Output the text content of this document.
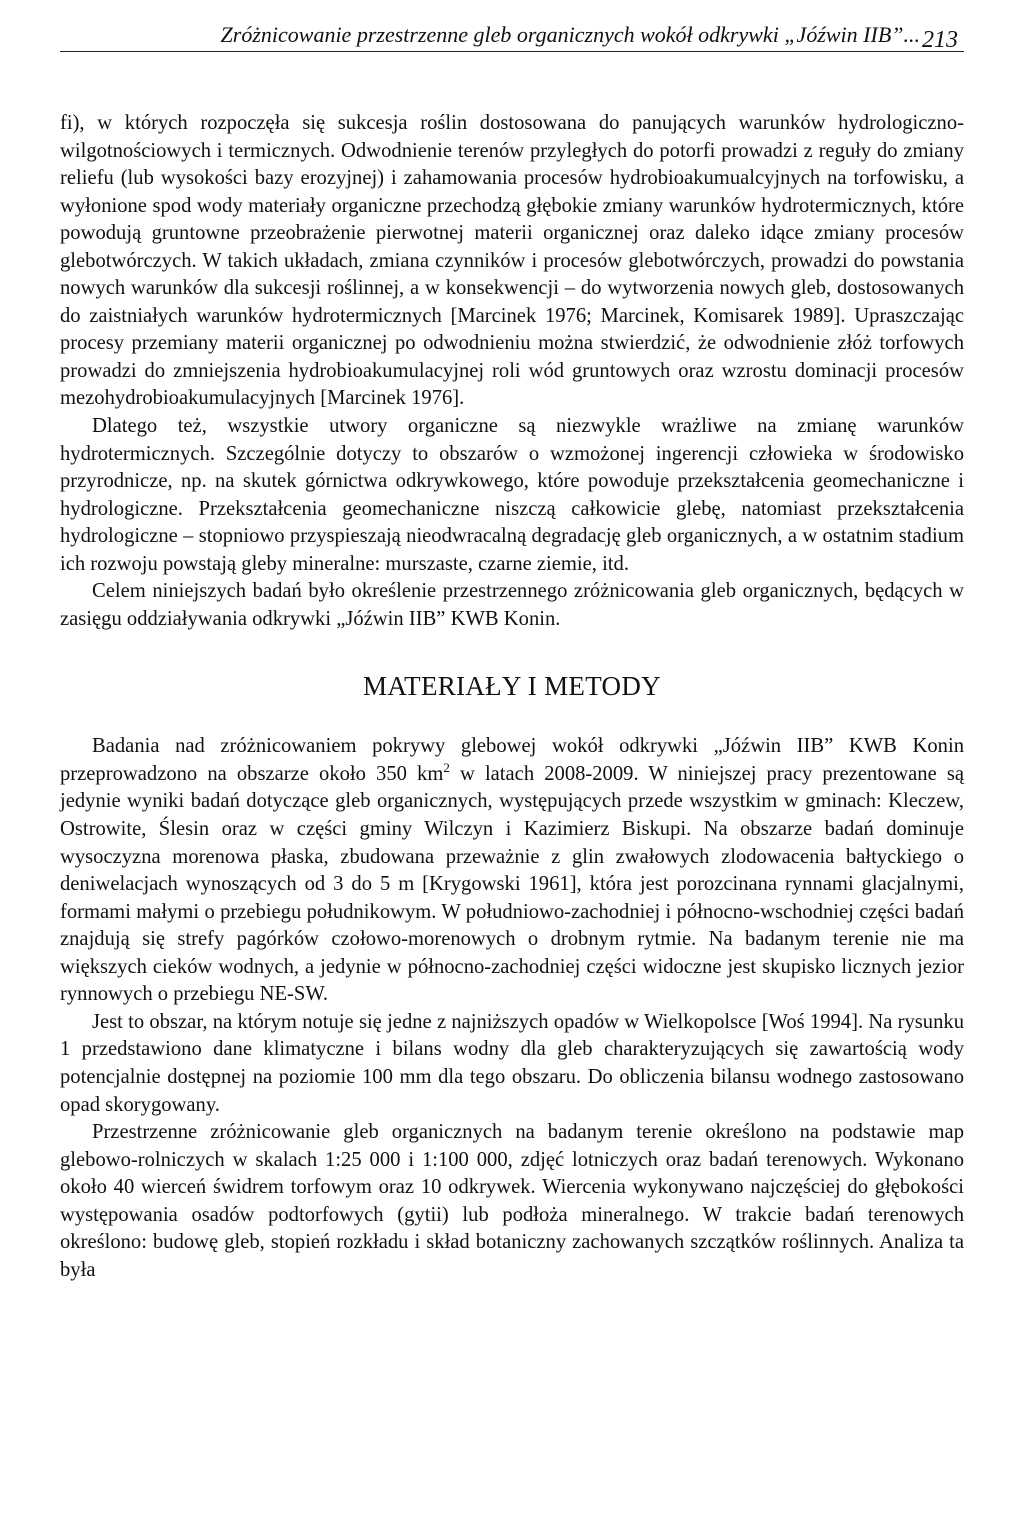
Zróżnicowanie przestrzenne gleb organicznych wokół odkrywki „Jóźwin IIB”...213

fi), w których rozpoczęła się sukcesja roślin dostosowana do panujących warunków hydrologiczno-wilgotnościowych i termicznych. Odwodnienie terenów przyległych do potorfi prowadzi z reguły do zmiany reliefu (lub wysokości bazy erozyjnej) i zahamowania procesów hydrobioakumualcyjnych na torfowisku, a wyłonione spod wody materiały organiczne przechodzą głębokie zmiany warunków hydrotermicznych, które powodują gruntowne przeobrażenie pierwotnej materii organicznej oraz daleko idące zmiany procesów glebotwórczych. W takich układach, zmiana czynników i procesów glebotwórczych, prowadzi do powstania nowych warunków dla sukcesji roślinnej, a w konsekwencji – do wytworzenia nowych gleb, dostosowanych do zaistniałych warunków hydrotermicznych [Marcinek 1976; Marcinek, Komisarek 1989]. Upraszczając procesy przemiany materii organicznej po odwodnieniu można stwierdzić, że odwodnienie złóż torfowych prowadzi do zmniejszenia hydrobioakumulacyjnej roli wód gruntowych oraz wzrostu dominacji procesów mezohydrobioakumulacyjnych [Marcinek 1976].

Dlatego też, wszystkie utwory organiczne są niezwykle wrażliwe na zmianę warunków hydrotermicznych. Szczególnie dotyczy to obszarów o wzmożonej ingerencji człowieka w środowisko przyrodnicze, np. na skutek górnictwa odkrywkowego, które powoduje przekształcenia geomechaniczne i hydrologiczne. Przekształcenia geomechaniczne niszczą całkowicie glebę, natomiast przekształcenia hydrologiczne – stopniowo przyspieszają nieodwracalną degradację gleb organicznych, a w ostatnim stadium ich rozwoju powstają gleby mineralne: murszaste, czarne ziemie, itd.

Celem niniejszych badań było określenie przestrzennego zróżnicowania gleb organicznych, będących w zasięgu oddziaływania odkrywki „Jóźwin IIB” KWB Konin.

MATERIAŁY I METODY

Badania nad zróżnicowaniem pokrywy glebowej wokół odkrywki „Jóźwin IIB” KWB Konin przeprowadzono na obszarze około 350 $km^2$ w latach 2008-2009. W niniejszej pracy prezentowane są jedynie wyniki badań dotyczące gleb organicznych, występujących przede wszystkim w gminach: Kleczew, Ostrowite, Ślesin oraz w części gminy Wilczyn i Kazimierz Biskupi. Na obszarze badań dominuje wysoczyzna morenowa płaska, zbudowana przeważnie z glin zwałowych zlodowacenia bałtyckiego o deniwelacjach wynoszących od 3 do 5 m [Krygowski 1961], która jest porozcinana rynnami glacjalnymi, formami małymi o przebiegu południkowym. W południowo-zachodniej i północno-wschodniej części badań znajdują się strefy pagórków czołowo-morenowych o drobnym rytmie. Na badanym terenie nie ma większych cieków wodnych, a jedynie w północno-zachodniej części widoczne jest skupisko licznych jezior rynnowych o przebiegu NE-SW.

Jest to obszar, na którym notuje się jedne z najniższych opadów w Wielkopolsce [Woś 1994]. Na rysunku 1 przedstawiono dane klimatyczne i bilans wodny dla gleb charakteryzujących się zawartością wody potencjalnie dostępnej na poziomie 100 mm dla tego obszaru. Do obliczenia bilansu wodnego zastosowano opad skorygowany.

Przestrzenne zróżnicowanie gleb organicznych na badanym terenie określono na podstawie map glebowo-rolniczych w skalach 1:25 000 i 1:100 000, zdjęć lotniczych oraz badań terenowych. Wykonano około 40 wierceń świdrem torfowym oraz 10 odkrywek. Wiercenia wykonywano najczęściej do głębokości występowania osadów podtorfowych (gytii) lub podłoża mineralnego. W trakcie badań terenowych określono: budowę gleb, stopień rozkładu i skład botaniczny zachowanych szczątków roślinnych. Analiza ta była
